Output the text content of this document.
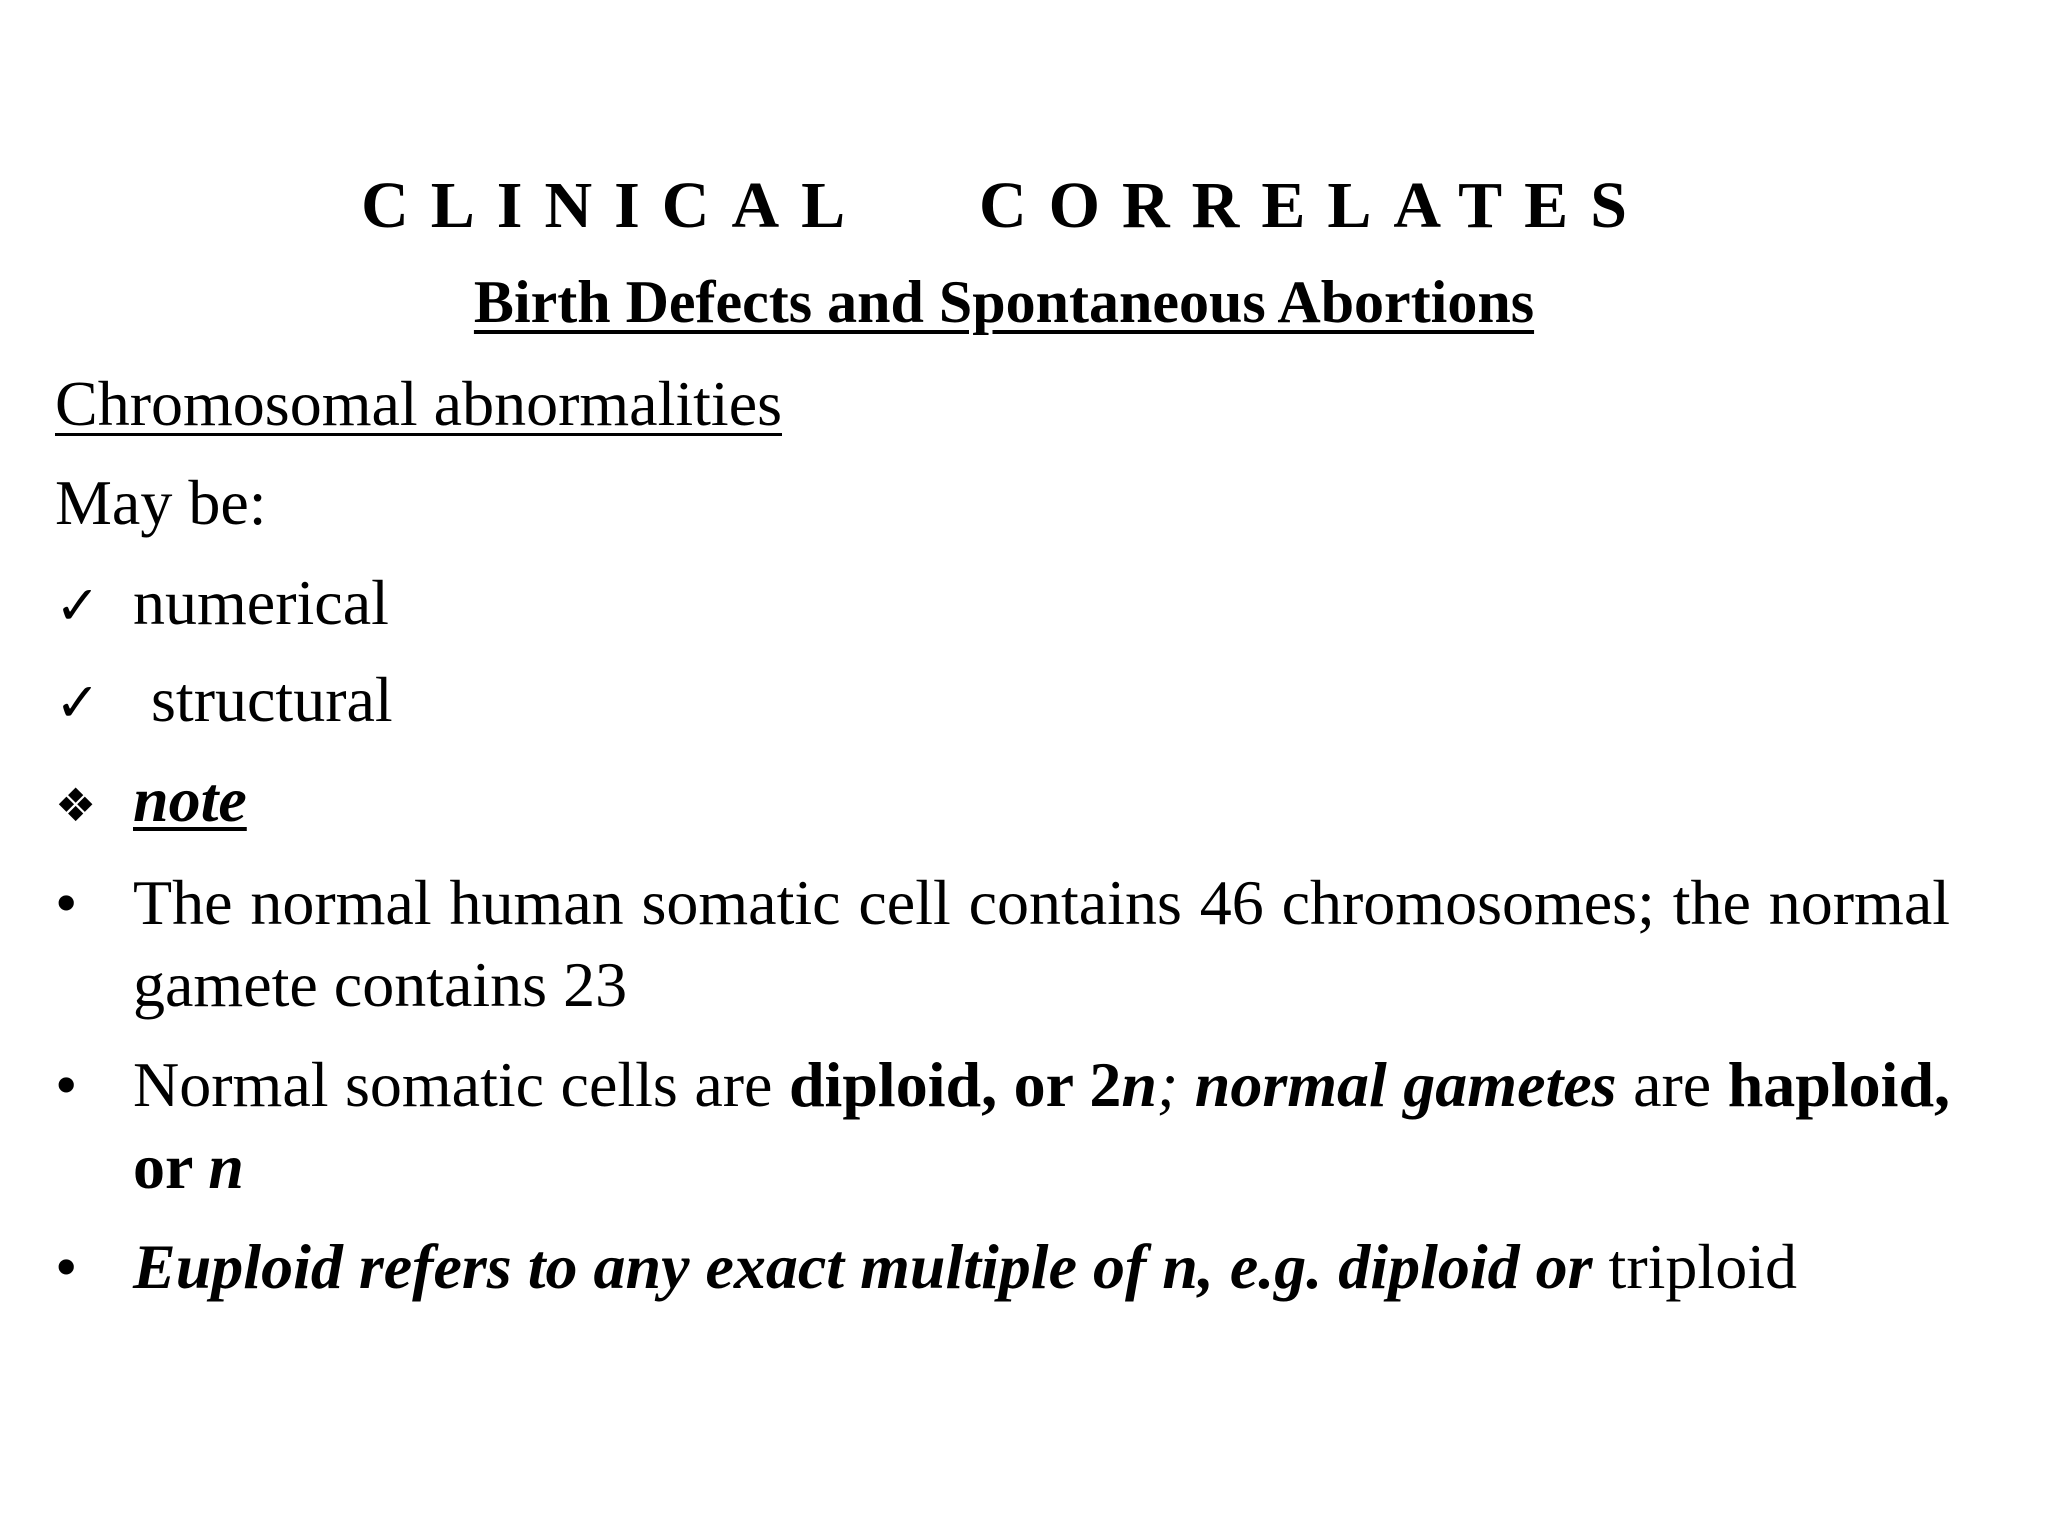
CLINICAL   CORRELATES
Birth Defects and Spontaneous Abortions
Chromosomal abnormalities
May be:
✓ numerical
✓ structural
❖ note
• The normal human somatic cell contains 46 chromosomes; the normal gamete contains 23
• Normal somatic cells are diploid, or 2n; normal gametes are haploid, or n
• Euploid refers to any exact multiple of n, e.g. diploid or triploid
